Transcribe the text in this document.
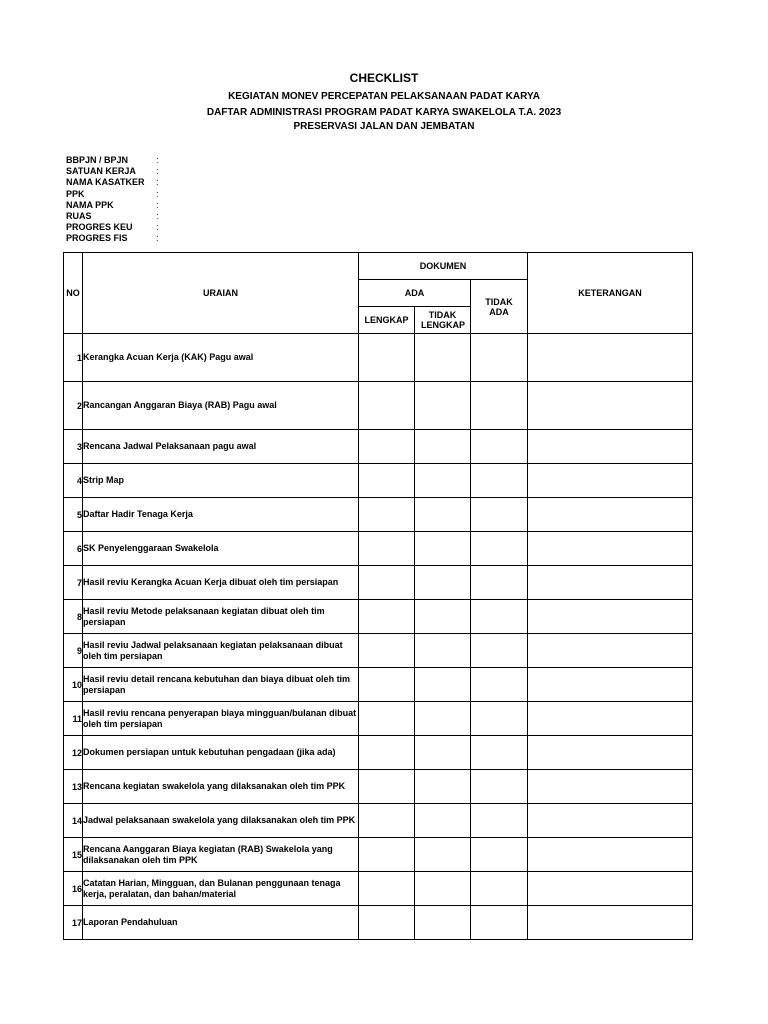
CHECKLIST
KEGIATAN MONEV PERCEPATAN PELAKSANAAN PADAT KARYA
DAFTAR ADMINISTRASI PROGRAM PADAT KARYA SWAKELOLA T.A. 2023
PRESERVASI JALAN DAN JEMBATAN
BBPJN / BPJN	:
SATUAN KERJA	:
NAMA KASATKER	:
PPK	:
NAMA PPK	:
RUAS	:
PROGRES KEU	:
PROGRES FIS	:
NO	URAIAN	DOKUMEN			KETERANGAN
		ADA		TIDAK ADA	
		LENGKAP	TIDAK LENGKAP		
1	Kerangka Acuan Kerja (KAK) Pagu awal				
2	Rancangan Anggaran Biaya (RAB) Pagu awal				
3	Rencana Jadwal Pelaksanaan pagu awal				
4	Strip Map				
5	Daftar Hadir Tenaga Kerja				
6	SK Penyelenggaraan Swakelola				
7	Hasil reviu Kerangka Acuan Kerja dibuat oleh tim persiapan				
8	Hasil reviu Metode pelaksanaan kegiatan dibuat oleh tim persiapan				
9	Hasil reviu Jadwal pelaksanaan kegiatan pelaksanaan dibuat oleh tim persiapan				
10	Hasil reviu detail rencana kebutuhan dan biaya dibuat oleh tim persiapan				
11	Hasil reviu rencana penyerapan biaya mingguan/bulanan dibuat oleh tim persiapan				
12	Dokumen persiapan untuk kebutuhan pengadaan (jika ada)				
13	Rencana kegiatan swakelola yang dilaksanakan oleh tim PPK				
14	Jadwal pelaksanaan swakelola yang dilaksanakan oleh tim PPK				
15	Rencana Aanggaran Biaya kegiatan (RAB) Swakelola yang dilaksanakan oleh tim PPK				
16	Catatan Harian, Mingguan, dan Bulanan penggunaan tenaga kerja, peralatan, dan bahan/material				
17	Laporan Pendahuluan				
